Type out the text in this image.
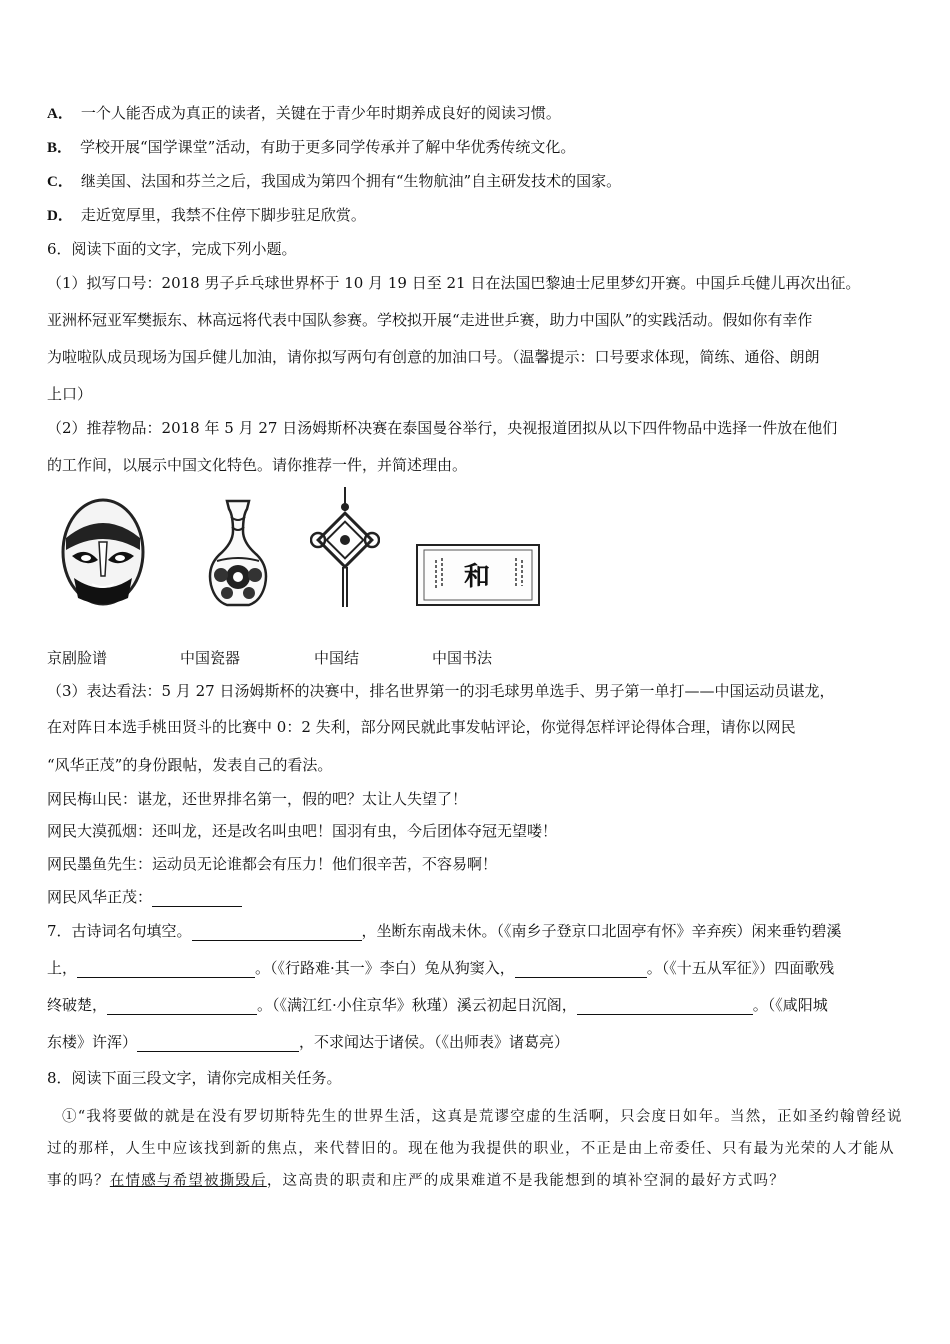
A． 一个人能否成为真正的读者，关键在于青少年时期养成良好的阅读习惯。
B． 学校开展“国学课堂”活动，有助于更多同学传承并了解中华优秀传统文化。
C． 继美国、法国和芬兰之后，我国成为第四个拥有“生物航油”自主研发技术的国家。
D． 走近宽厚里，我禁不住停下脚步驻足欣赏。
6．阅读下面的文字，完成下列小题。
（1）拟写口号：2018 男子乒乓球世界杯于 10 月 19 日至 21 日在法国巴黎迪士尼里梦幻开赛。中国乒乓健儿再次出征。
亚洲杯冠亚军樊振东、林高远将代表中国队参赛。学校拟开展“走进世乒赛，助力中国队”的实践活动。假如你有幸作
为啦啦队成员现场为国乒健儿加油，请你拟写两句有创意的加油口号。（温馨提示：口号要求体现，简练、通俗、朗朗
上口）
（2）推荐物品：2018 年 5 月 27 日汤姆斯杯决赛在泰国曼谷举行，央视报道团拟从以下四件物品中选择一件放在他们
的工作间，以展示中国文化特色。请你推荐一件，并简述理由。
和
京剧脸谱	中国瓷器	中国结	中国书法
（3）表达看法：5 月 27 日汤姆斯杯的决赛中，排名世界第一的羽毛球男单选手、男子第一单打——中国运动员谌龙，
在对阵日本选手桃田贤斗的比赛中 0：2 失利，部分网民就此事发帖评论，你觉得怎样评论得体合理，请你以网民
“风华正茂”的身份跟帖，发表自己的看法。
网民梅山民：谌龙，还世界排名第一，假的吧？太让人失望了！
网民大漠孤烟：还叫龙，还是改名叫虫吧！国羽有虫，今后团体夺冠无望喽！
网民墨鱼先生：运动员无论谁都会有压力！他们很辛苦，不容易啊！
网民风华正茂：
7．古诗词名句填空。	，坐断东南战未休。（《南乡子登京口北固亭有怀》辛弃疾）闲来垂钓碧溪
上，	。（《行路难·其一》李白）兔从狗窦入，	。（《十五从军征》）四面歌残
终破楚，	。（《满江红·小住京华》秋瑾）溪云初起日沉阁，	。（《咸阳城
东楼》许浑）	，不求闻达于诸侯。（《出师表》诸葛亮）
8．阅读下面三段文字，请你完成相关任务。
①“我将要做的就是在没有罗切斯特先生的世界生活，这真是荒谬空虚的生活啊，只会度日如年。当然，正如圣约翰曾经说过的那样，人生中应该找到新的焦点，来代替旧的。现在他为我提供的职业，不正是由上帝委任、只有最为光荣的人才能从事的吗？在情感与希望被撕毁后，这高贵的职责和庄严的成果难道不是我能想到的填补空洞的最好方式吗？
